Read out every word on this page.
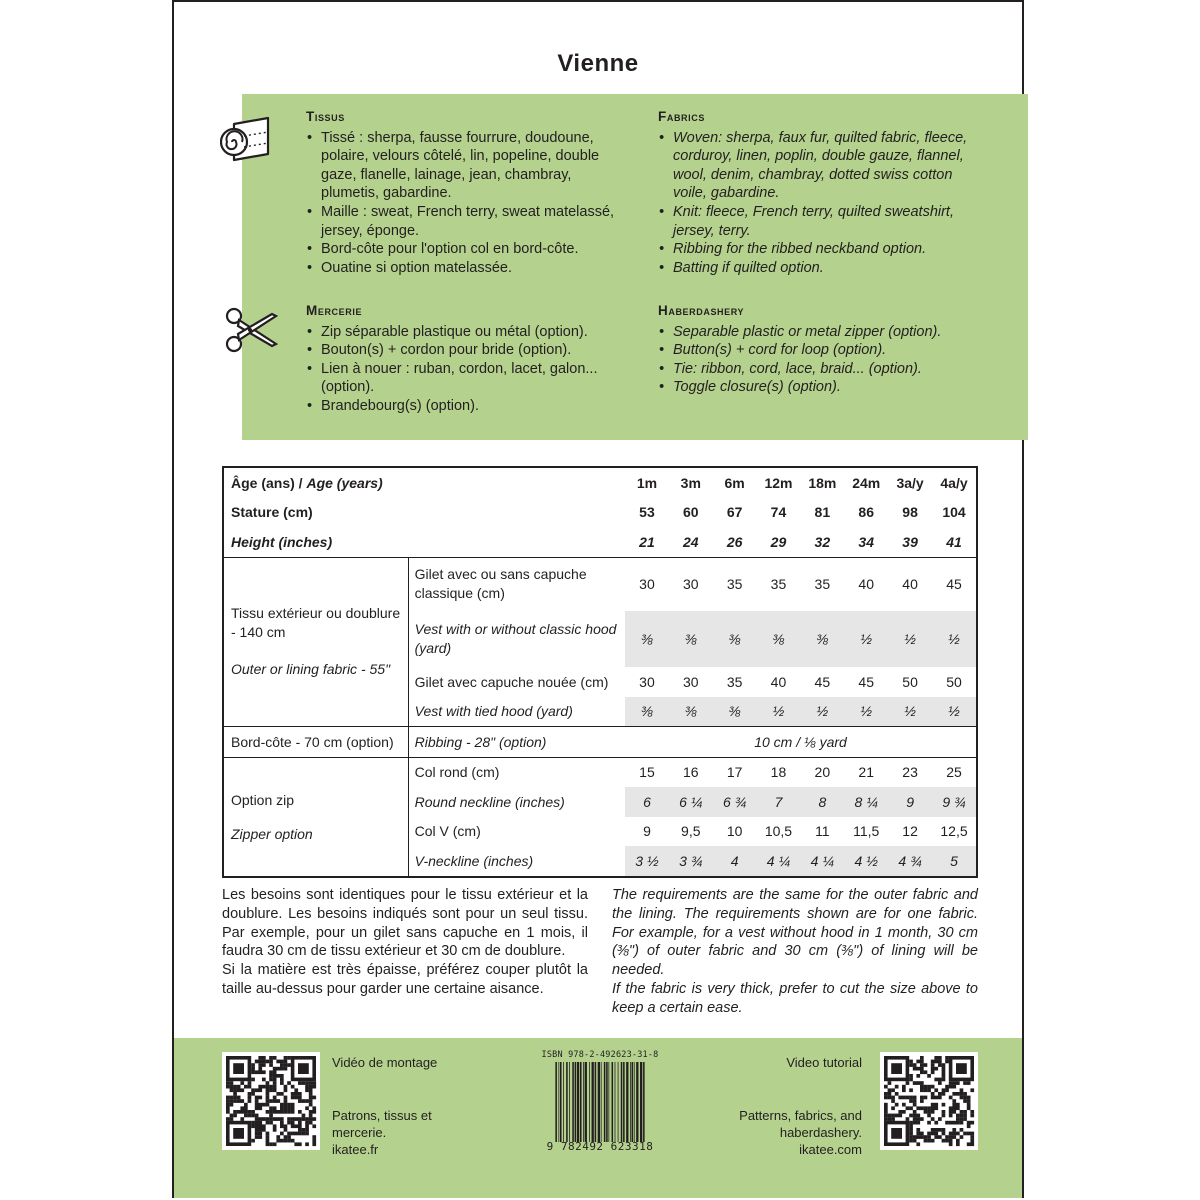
Vienne
Tissus
• Tissé : sherpa, fausse fourrure, doudoune, polaire, velours côtelé, lin, popeline, double gaze, flanelle, lainage, jean, chambray, plumetis, gabardine.
• Maille : sweat, French terry, sweat matelassé, jersey, éponge.
• Bord-côte pour l'option col en bord-côte.
• Ouatine si option matelassée.
Fabrics
• Woven: sherpa, faux fur, quilted fabric, fleece, corduroy, linen, poplin, double gauze, flannel, wool, denim, chambray, dotted swiss cotton voile, gabardine.
• Knit: fleece, French terry, quilted sweatshirt, jersey, terry.
• Ribbing for the ribbed neckband option.
• Batting if quilted option.
Mercerie
• Zip séparable plastique ou métal (option).
• Bouton(s) + cordon pour bride (option).
• Lien à nouer : ruban, cordon, lacet, galon... (option).
• Brandebourg(s) (option).
Haberdashery
• Separable plastic or metal zipper (option).
• Button(s) + cord for loop (option).
• Tie: ribbon, cord, lace, braid... (option).
• Toggle closure(s) (option).
Âge (ans) / Age (years)		1m	3m	6m	12m	18m	24m	3a/y	4a/y
Stature (cm)		53	60	67	74	81	86	98	104
Height (inches)		21	24	26	29	32	34	39	41

Tissu extérieur ou doublure - 140 cm
Outer or lining fabric - 55"	Gilet avec ou sans capuche classique (cm)	30	30	35	35	35	40	40	45
	Vest with or without classic hood (yard)	⅜	⅜	⅜	⅜	⅜	½	½	½
	Gilet avec capuche nouée (cm)	30	30	35	40	45	45	50	50
	Vest with tied hood (yard)	⅜	⅜	⅜	½	½	½	½	½
Bord-côte - 70 cm (option)	Ribbing - 28" (option)	10 cm / ⅛ yard							

Option zip
Zipper option	Col rond (cm)	15	16	17	18	20	21	23	25
	Round neckline (inches)	6	6 ¼	6 ¾	7	8	8 ¼	9	9 ¾
	Col V (cm)	9	9,5	10	10,5	11	11,5	12	12,5
	V-neckline (inches)	3 ½	3 ¾	4	4 ¼	4 ¼	4 ½	4 ¾	5
Les besoins sont identiques pour le tissu extérieur et la doublure. Les besoins indiqués sont pour un seul tissu. Par exemple, pour un gilet sans capuche en 1 mois, il faudra 30 cm de tissu extérieur et 30 cm de doublure.
Si la matière est très épaisse, préférez couper plutôt la taille au-dessus pour garder une certaine aisance.
The requirements are the same for the outer fabric and the lining. The requirements shown are for one fabric. For example, for a vest without hood in 1 month, 30 cm (⅜") of outer fabric and 30 cm (⅜") of lining will be needed.
If the fabric is very thick, prefer to cut the size above to keep a certain ease.
Vidéo de montage
Patrons, tissus et
mercerie.
ikatee.fr
ISBN 978-2-492623-31-8
9 782492 623318
Video tutorial
Patterns, fabrics, and
haberdashery.
ikatee.com
